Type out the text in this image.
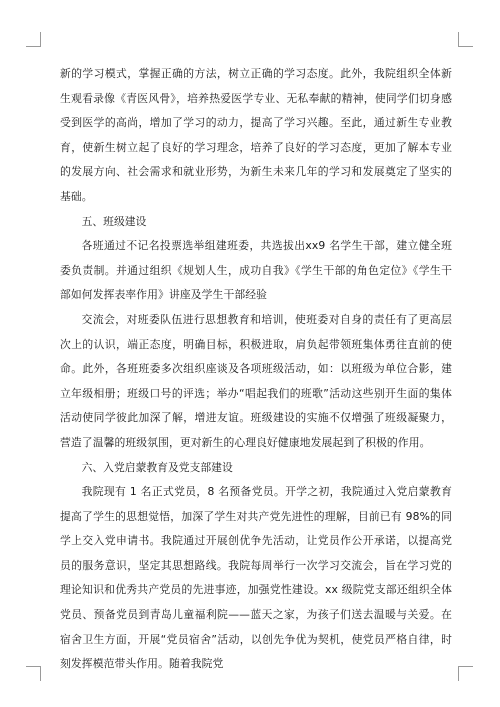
新的学习模式，掌握正确的方法，树立正确的学习态度。此外，我院组织全体新生观看录像《青医风骨》，培养热爱医学专业、无私奉献的精神，使同学们切身感受到医学的高尚，增加了学习的动力，提高了学习兴趣。至此，通过新生专业教育，使新生树立起了良好的学习理念，培养了良好的学习态度，更加了解本专业的发展方向、社会需求和就业形势，为新生未来几年的学习和发展奠定了坚实的基础。

五、班级建设

各班通过不记名投票选举组建班委，共选拔出xx9 名学生干部，建立健全班委负责制。并通过组织《规划人生，成功自我》《学生干部的角色定位》《学生干部如何发挥表率作用》讲座及学生干部经验

交流会，对班委队伍进行思想教育和培训，使班委对自身的责任有了更高层次上的认识，端正态度，明确目标，积极进取，肩负起带领班集体勇往直前的使命。此外，各班班委多次组织座谈及各项班级活动，如：以班级为单位合影，建立年级相册；班级口号的评选；举办“唱起我们的班歌”活动这些别开生面的集体活动使同学彼此加深了解，增进友谊。班级建设的实施不仅增强了班级凝聚力，营造了温馨的班级氛围，更对新生的心理良好健康地发展起到了积极的作用。

六、入党启蒙教育及党支部建设

我院现有 1 名正式党员，8 名预备党员。开学之初，我院通过入党启蒙教育提高了学生的思想觉悟，加深了学生对共产党先进性的理解，目前已有 98%的同学上交入党申请书。我院通过开展创优争先活动，让党员作公开承诺，以提高党员的服务意识，坚定其思想路线。我院每周举行一次学习交流会，旨在学习党的理论知识和优秀共产党员的先进事迹，加强党性建设。xx 级院党支部还组织全体党员、预备党员到青岛儿童福利院——蓝天之家，为孩子们送去温暖与关爱。在宿舍卫生方面，开展“党员宿舍”活动，以创先争优为契机，使党员严格自律，时刻发挥模范带头作用。随着我院党
